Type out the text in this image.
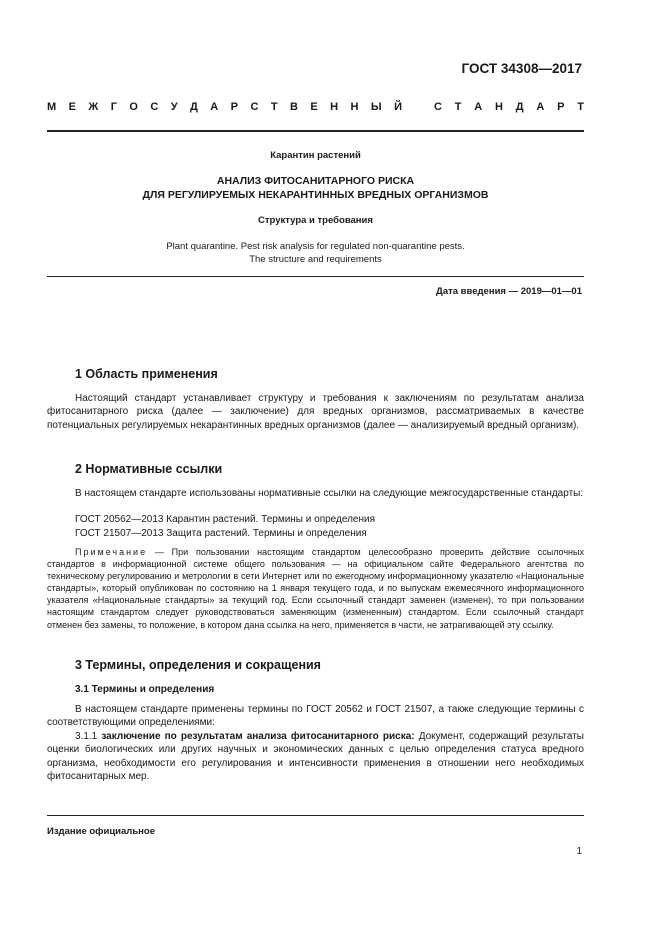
ГОСТ 34308—2017
М Е Ж Г О С У Д А Р С Т В Е Н Н Ы Й	С Т А Н Д А Р Т
Карантин растений
АНАЛИЗ ФИТОСАНИТАРНОГО РИСКА
ДЛЯ РЕГУЛИРУЕМЫХ НЕКАРАНТИННЫХ ВРЕДНЫХ ОРГАНИЗМОВ
Структура и требования
Plant quarantine. Pest risk analysis for regulated non-quarantine pests.
The structure and requirements
Дата введения — 2019—01—01
1 Область применения

Настоящий стандарт устанавливает структуру и требования к заключениям по результатам анализа фитосанитарного риска (далее — заключение) для вредных организмов, рассматриваемых в качестве потенциальных регулируемых некарантинных вредных организмов (далее — анализируемый вредный организм).

2 Нормативные ссылки

В настоящем стандарте использованы нормативные ссылки на следующие межгосударственные стандарты:

ГОСТ 20562—2013 Карантин растений. Термины и определения
ГОСТ 21507—2013 Защита растений. Термины и определения

Примечание — При пользовании настоящим стандартом целесообразно проверить действие ссылочных стандартов в информационной системе общего пользования — на официальном сайте Федерального агентства по техническому регулированию и метрологии в сети Интернет или по ежегодному информационному указателю «Национальные стандарты», который опубликован по состоянию на 1 января текущего года, и по выпускам ежемесячного информационного указателя «Национальные стандарты» за текущий год. Если ссылочный стандарт заменен (изменен), то при пользовании настоящим стандартом следует руководствоваться заменяющим (измененным) стандартом. Если ссылочный стандарт отменен без замены, то положение, в котором дана ссылка на него, применяется в части, не затрагивающей эту ссылку.

3 Термины, определения и сокращения
3.1 Термины и определения

В настоящем стандарте применены термины по ГОСТ 20562 и ГОСТ 21507, а также следующие термины с соответствующими определениями:

3.1.1 заключение по результатам анализа фитосанитарного риска: Документ, содержащий результаты оценки биологических или других научных и экономических данных с целью определения статуса вредного организма, необходимости его регулирования и интенсивности применения в отношении него необходимых фитосанитарных мер.

Издание официальное
1
